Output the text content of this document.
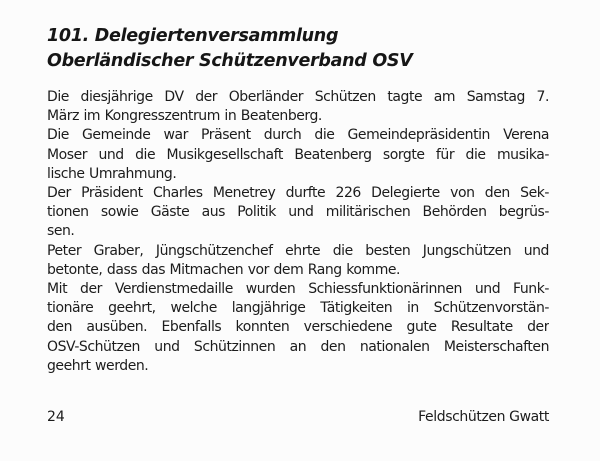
101. Delegiertenversammlung
Oberländischer Schützenverband OSV
Die diesjährige DV der Oberländer Schützen tagte am Samstag 7.
März im Kongresszentrum in Beatenberg.
Die Gemeinde war Präsent durch die Gemeindepräsidentin Verena
Moser und die Musikgesellschaft Beatenberg sorgte für die musika-
lische Umrahmung.
Der Präsident Charles Menetrey durfte 226 Delegierte von den Sek-
tionen sowie Gäste aus Politik und militärischen Behörden begrüs-
sen.
Peter Graber, Jüngschützenchef ehrte die besten Jungschützen und
betonte, dass das Mitmachen vor dem Rang komme.
Mit der Verdienstmedaille wurden Schiessfunktionärinnen und Funk-
tionäre geehrt, welche langjährige Tätigkeiten in Schützenvorstän-
den ausüben. Ebenfalls konnten verschiedene gute Resultate der
OSV-Schützen und Schützinnen an den nationalen Meisterschaften
geehrt werden.
24	Feldschützen Gwatt
